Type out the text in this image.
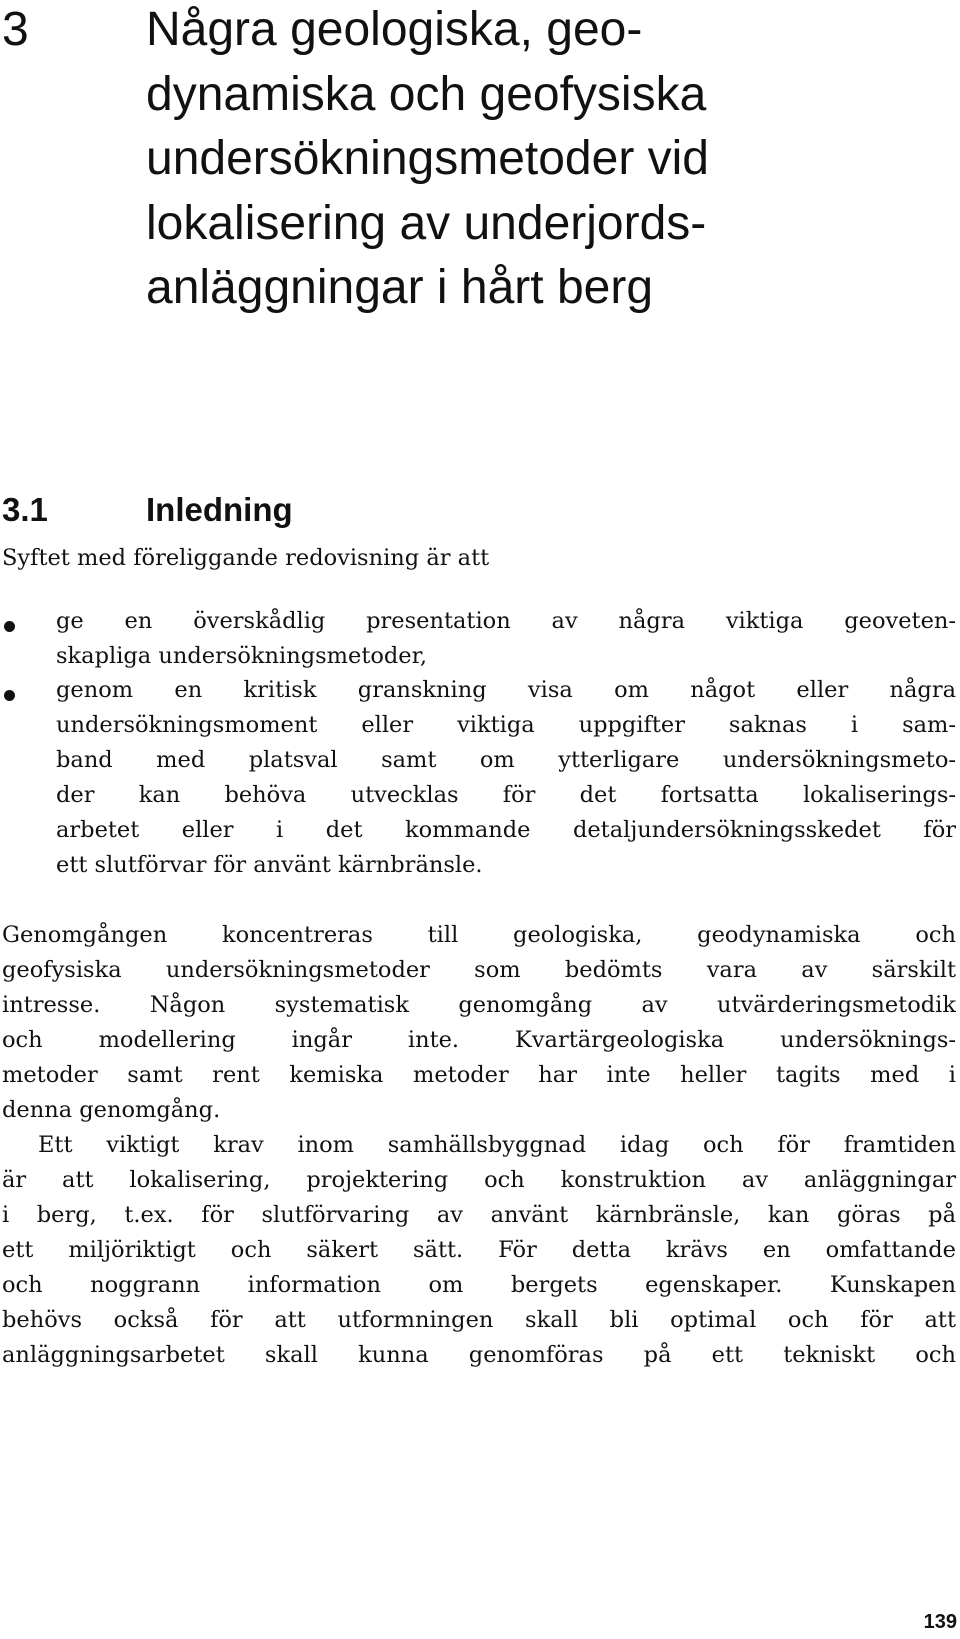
3 Några geologiska, geo-
dynamiska och geofysiska
undersökningsmetoder vid
lokalisering av underjords-
anläggningar i hårt berg
3.1	Inledning
Syftet med föreliggande redovisning är att
ge en överskådlig presentation av några viktiga geoveten-
skapliga undersökningsmetoder,
genom en kritisk granskning visa om något eller några
undersökningsmoment eller viktiga uppgifter saknas i sam-
band med platsval samt om ytterligare undersökningsmeto-
der kan behöva utvecklas för det fortsatta lokaliserings-
arbetet eller i det kommande detaljundersökningsskedet för
ett slutförvar för använt kärnbränsle.
Genomgången koncentreras till geologiska, geodynamiska och
geofysiska undersökningsmetoder som bedömts vara av särskilt
intresse. Någon systematisk genomgång av utvärderingsmetodik
och modellering ingår inte. Kvartärgeologiska undersöknings-
metoder samt rent kemiska metoder har inte heller tagits med i
denna genomgång.
Ett viktigt krav inom samhällsbyggnad idag och för framtiden
är att lokalisering, projektering och konstruktion av anläggningar
i berg, t.ex. för slutförvaring av använt kärnbränsle, kan göras på
ett miljöriktigt och säkert sätt. För detta krävs en omfattande
och noggrann information om bergets egenskaper. Kunskapen
behövs också för att utformningen skall bli optimal och för att
anläggningsarbetet skall kunna genomföras på ett tekniskt och
139
